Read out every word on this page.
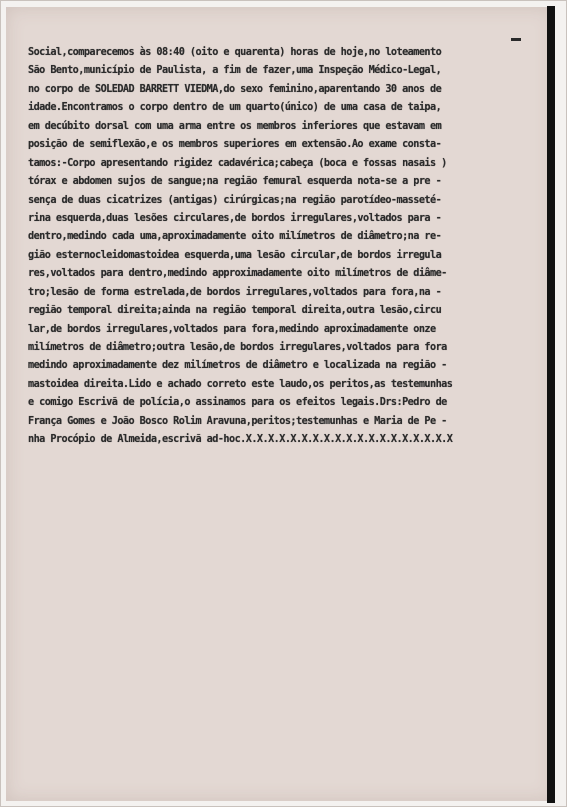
Social,comparecemos às 08:40 (oito e quarenta) horas de hoje,no loteamento
São Bento,município de Paulista, a fim de fazer,uma Inspeção Médico-Legal,
no corpo de SOLEDAD BARRETT VIEDMA,do sexo feminino,aparentando 30 anos de
idade.Encontramos o corpo dentro de um quarto(único) de uma casa de taipa,
em decúbito dorsal com uma arma entre os membros inferiores que estavam em
posição de semiflexão,e os membros superiores em extensão.Ao exame consta-
tamos:-Corpo apresentando rigidez cadavérica;cabeça (boca e fossas nasais )
tórax e abdomen sujos de sangue;na região femural esquerda nota-se a pre -
sença de duas cicatrizes (antigas) cirúrgicas;na região parotídeo-masseté-
rina esquerda,duas lesões circulares,de bordos irregulares,voltados para -
dentro,medindo cada uma,aproximadamente oito milímetros de diâmetro;na re-
gião esternocleidomastoidea esquerda,uma lesão circular,de bordos irregula
res,voltados para dentro,medindo approximadamente oito milímetros de diâme-
tro;lesão de forma estrelada,de bordos irregulares,voltados para fora,na -
região temporal direita;ainda na região temporal direita,outra lesão,circu
lar,de bordos irregulares,voltados para fora,medindo aproximadamente onze
milímetros de diâmetro;outra lesão,de bordos irregulares,voltados para fora
medindo aproximadamente dez milímetros de diâmetro e localizada na região -
mastoidea direita.Lido e achado correto este laudo,os peritos,as testemunhas
e comigo Escrivã de polícia,o assinamos para os efeitos legais.Drs:Pedro de
França Gomes e João Bosco Rolim Aravuna,peritos;testemunhas e Maria de Pe -
nha Procópio de Almeida,escrivã ad-hoc.X.X.X.X.X.X.X.X.X.X.X.X.X.X.X.X.X.X.X
